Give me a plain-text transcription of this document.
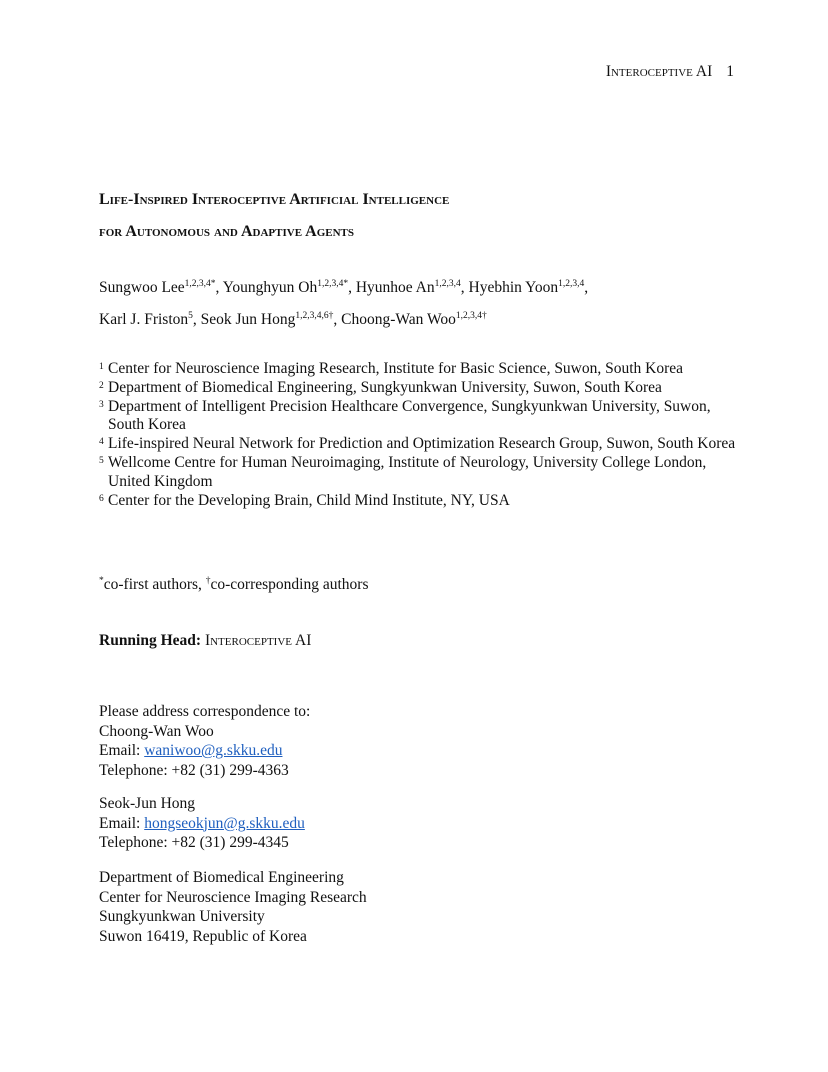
Interoceptive AI 1
Life-Inspired Interoceptive Artificial Intelligence
for Autonomous and Adaptive Agents
Sungwoo Lee$^{1,2,3,4*}$, Younghyun $Oh^{1,2,3,4*}$, Hyunhoe An$^{1,2,3,4}$, Hyebhin Yoon$^{1,2,3,4}$,
Karl J. Friston$^5$, Seok Jun Hong$^{1,2,3,4,6\dagger}$, Choong-Wan Woo$^{1,2,3,4\dagger}$
1 Center for Neuroscience Imaging Research, Institute for Basic Science, Suwon, South Korea
2 Department of Biomedical Engineering, Sungkyunkwan University, Suwon, South Korea
3 Department of Intelligent Precision Healthcare Convergence, Sungkyunkwan University, Suwon, South Korea
4 Life-inspired Neural Network for Prediction and Optimization Research Group, Suwon, South Korea
5 Wellcome Centre for Human Neuroimaging, Institute of Neurology, University College London, United Kingdom
6 Center for the Developing Brain, Child Mind Institute, NY, USA
*co-first authors, †co-corresponding authors
Running Head: Interoceptive AI
Please address correspondence to:
Choong-Wan Woo
Email: waniwoo@g.skku.edu
Telephone: +82 (31) 299-4363
Seok-Jun Hong
Email: hongseokjun@g.skku.edu
Telephone: +82 (31) 299-4345
Department of Biomedical Engineering
Center for Neuroscience Imaging Research
Sungkyunkwan University
Suwon 16419, Republic of Korea
